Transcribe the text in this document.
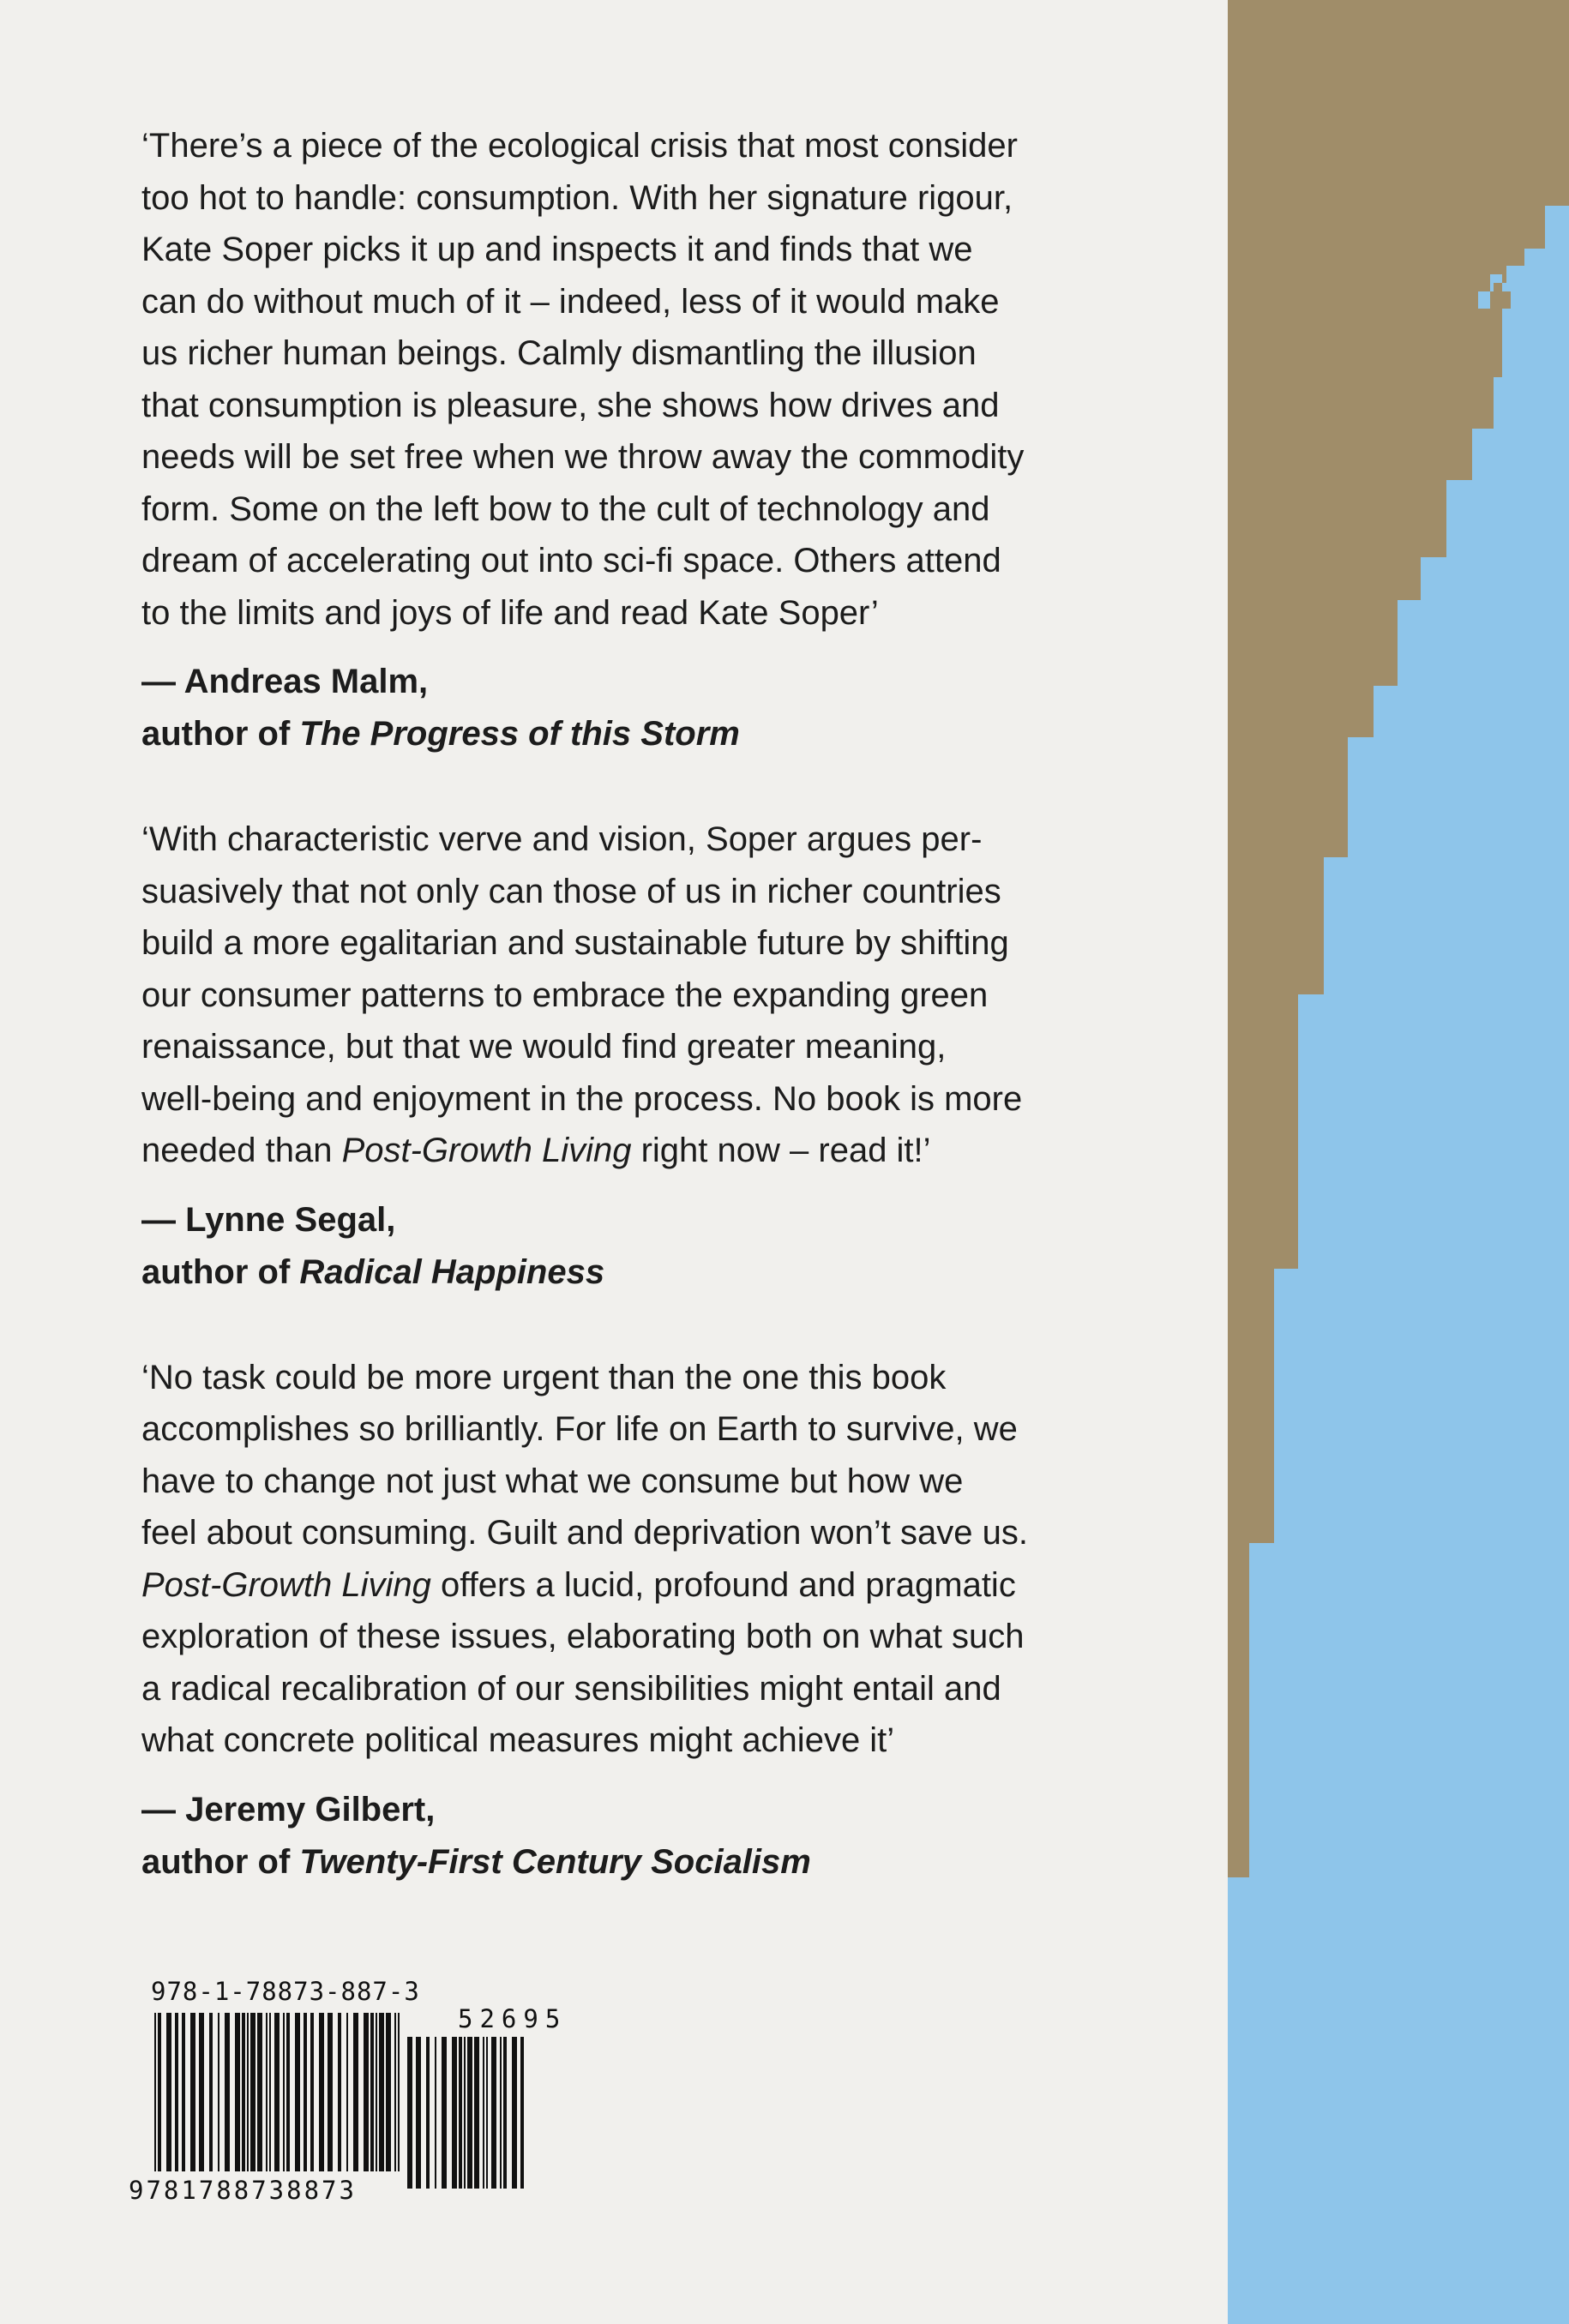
‘There’s a piece of the ecological crisis that most consider
too hot to handle: consumption. With her signature rigour,
Kate Soper picks it up and inspects it and finds that we
can do without much of it – indeed, less of it would make
us richer human beings. Calmly dismantling the illusion
that consumption is pleasure, she shows how drives and
needs will be set free when we throw away the commodity
form. Some on the left bow to the cult of technology and
dream of accelerating out into sci-fi space. Others attend
to the limits and joys of life and read Kate Soper’

— Andreas Malm,
author of The Progress of this Storm

‘With characteristic verve and vision, Soper argues per-
suasively that not only can those of us in richer countries
build a more egalitarian and sustainable future by shifting
our consumer patterns to embrace the expanding green
renaissance, but that we would find greater meaning,
well-being and enjoyment in the process. No book is more
needed than Post-Growth Living right now – read it!’

— Lynne Segal,
author of Radical Happiness

‘No task could be more urgent than the one this book
accomplishes so brilliantly. For life on Earth to survive, we
have to change not just what we consume but how we
feel about consuming. Guilt and deprivation won’t save us.
Post-Growth Living offers a lucid, profound and pragmatic
exploration of these issues, elaborating both on what such
a radical recalibration of our sensibilities might entail and
what concrete political measures might achieve it’

— Jeremy Gilbert,
author of Twenty-First Century Socialism

978-1-78873-887-3
52695
9781788738873
